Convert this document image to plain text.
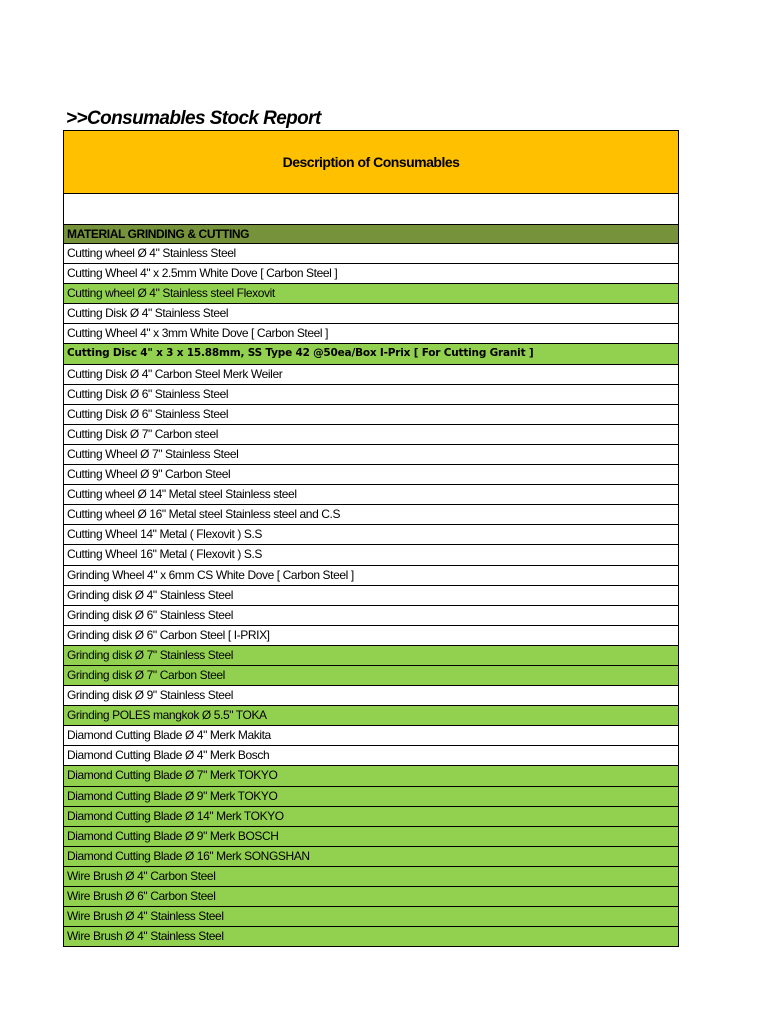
>>Consumables Stock Report
Description of Consumables
MATERIAL GRINDING & CUTTING
Cutting wheel Ø 4" Stainless Steel
Cutting Wheel 4" x 2.5mm White Dove [ Carbon Steel ]
Cutting wheel Ø 4" Stainless steel Flexovit
Cutting Disk Ø 4" Stainless Steel
Cutting Wheel 4" x 3mm White Dove [ Carbon Steel ]
Cutting Disc 4" x 3 x 15.88mm, SS Type 42 @50ea/Box I-Prix [ For Cutting Granit ]
Cutting Disk Ø 4" Carbon Steel Merk Weiler
Cutting Disk Ø 6" Stainless Steel
Cutting Disk Ø 6" Stainless Steel
Cutting Disk Ø 7" Carbon steel
Cutting Wheel Ø 7" Stainless Steel
Cutting Wheel Ø 9" Carbon Steel
Cutting wheel Ø 14" Metal steel Stainless steel
Cutting wheel Ø 16" Metal steel Stainless steel and C.S
Cutting Wheel 14" Metal ( Flexovit ) S.S
Cutting Wheel 16" Metal ( Flexovit ) S.S
Grinding Wheel 4" x 6mm CS White Dove [ Carbon Steel ]
Grinding disk Ø 4" Stainless Steel
Grinding disk Ø 6" Stainless Steel
Grinding disk Ø 6" Carbon Steel [ I-PRIX]
Grinding disk Ø 7" Stainless Steel
Grinding disk Ø 7" Carbon Steel
Grinding disk Ø 9" Stainless Steel
Grinding POLES mangkok Ø 5.5" TOKA
Diamond Cutting Blade Ø 4" Merk Makita
Diamond Cutting Blade Ø 4" Merk Bosch
Diamond Cutting Blade Ø 7" Merk TOKYO
Diamond Cutting Blade Ø 9" Merk TOKYO
Diamond Cutting Blade Ø 14" Merk TOKYO
Diamond Cutting Blade Ø 9" Merk BOSCH
Diamond Cutting Blade Ø 16" Merk SONGSHAN
Wire Brush Ø 4" Carbon Steel
Wire Brush Ø 6" Carbon Steel
Wire Brush Ø 4" Stainless Steel
Wire Brush Ø 4" Stainless Steel
